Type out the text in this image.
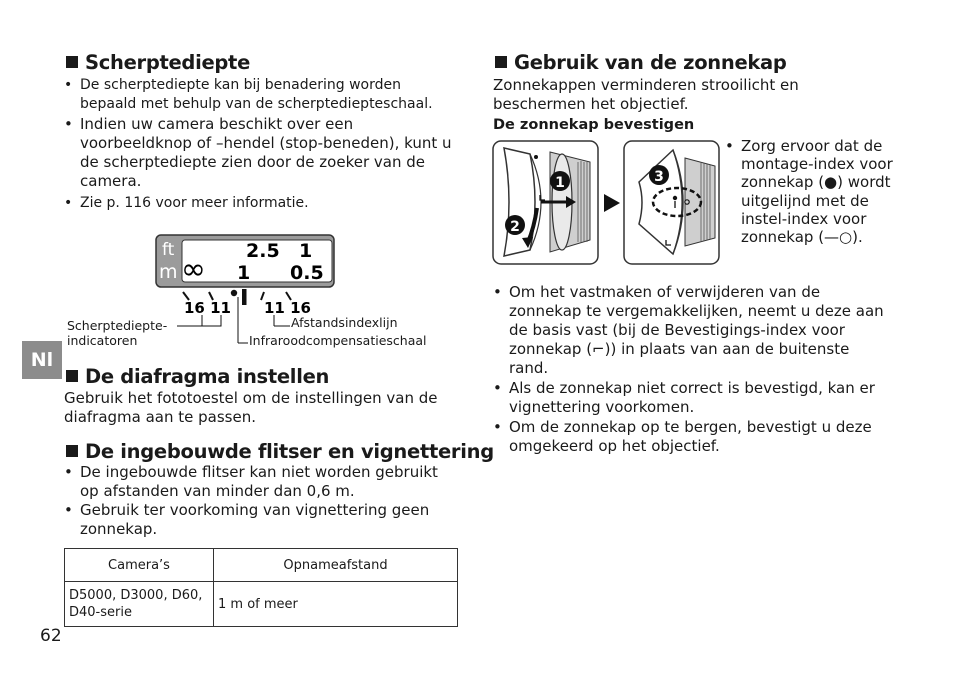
Scherptediepte
• De scherptediepte kan bij benadering worden bepaald met behulp van de scherptediepteschaal.
• Indien uw camera beschikt over een voorbeeldknop of –hendel (stop-beneden), kunt u de scherptediepte zien door de zoeker van de camera.
• Zie p. 116 voor meer informatie.
ft
m
2.5 1
∞ 1 0.5
16 11 11 16
Scherptediepte-
indicatoren
Afstandsindexlijn
Infraroodcompensatieschaal
Nl
De diafragma instellen
Gebruik het fototoestel om de instellingen van de diafragma aan te passen.
De ingebouwde flitser en vignettering
• De ingebouwde flitser kan niet worden gebruikt op afstanden van minder dan 0,6 m.
• Gebruik ter voorkoming van vignettering geen zonnekap.
Camera’s	Opnameafstand
D5000, D3000, D60, D40-serie	1 m of meer
62
Gebruik van de zonnekap
Zonnekappen verminderen strooilicht en beschermen het objectief.
De zonnekap bevestigen
1
2
3
• Zorg ervoor dat de montage-index voor zonnekap (●) wordt uitgelijnd met de instel-index voor zonnekap (—○).
• Om het vastmaken of verwijderen van de zonnekap te vergemakkelijken, neemt u deze aan de basis vast (bij de Bevestigings-index voor zonnekap (⌐)) in plaats van aan de buitenste rand.
• Als de zonnekap niet correct is bevestigd, kan er vignettering voorkomen.
• Om de zonnekap op te bergen, bevestigt u deze omgekeerd op het objectief.
